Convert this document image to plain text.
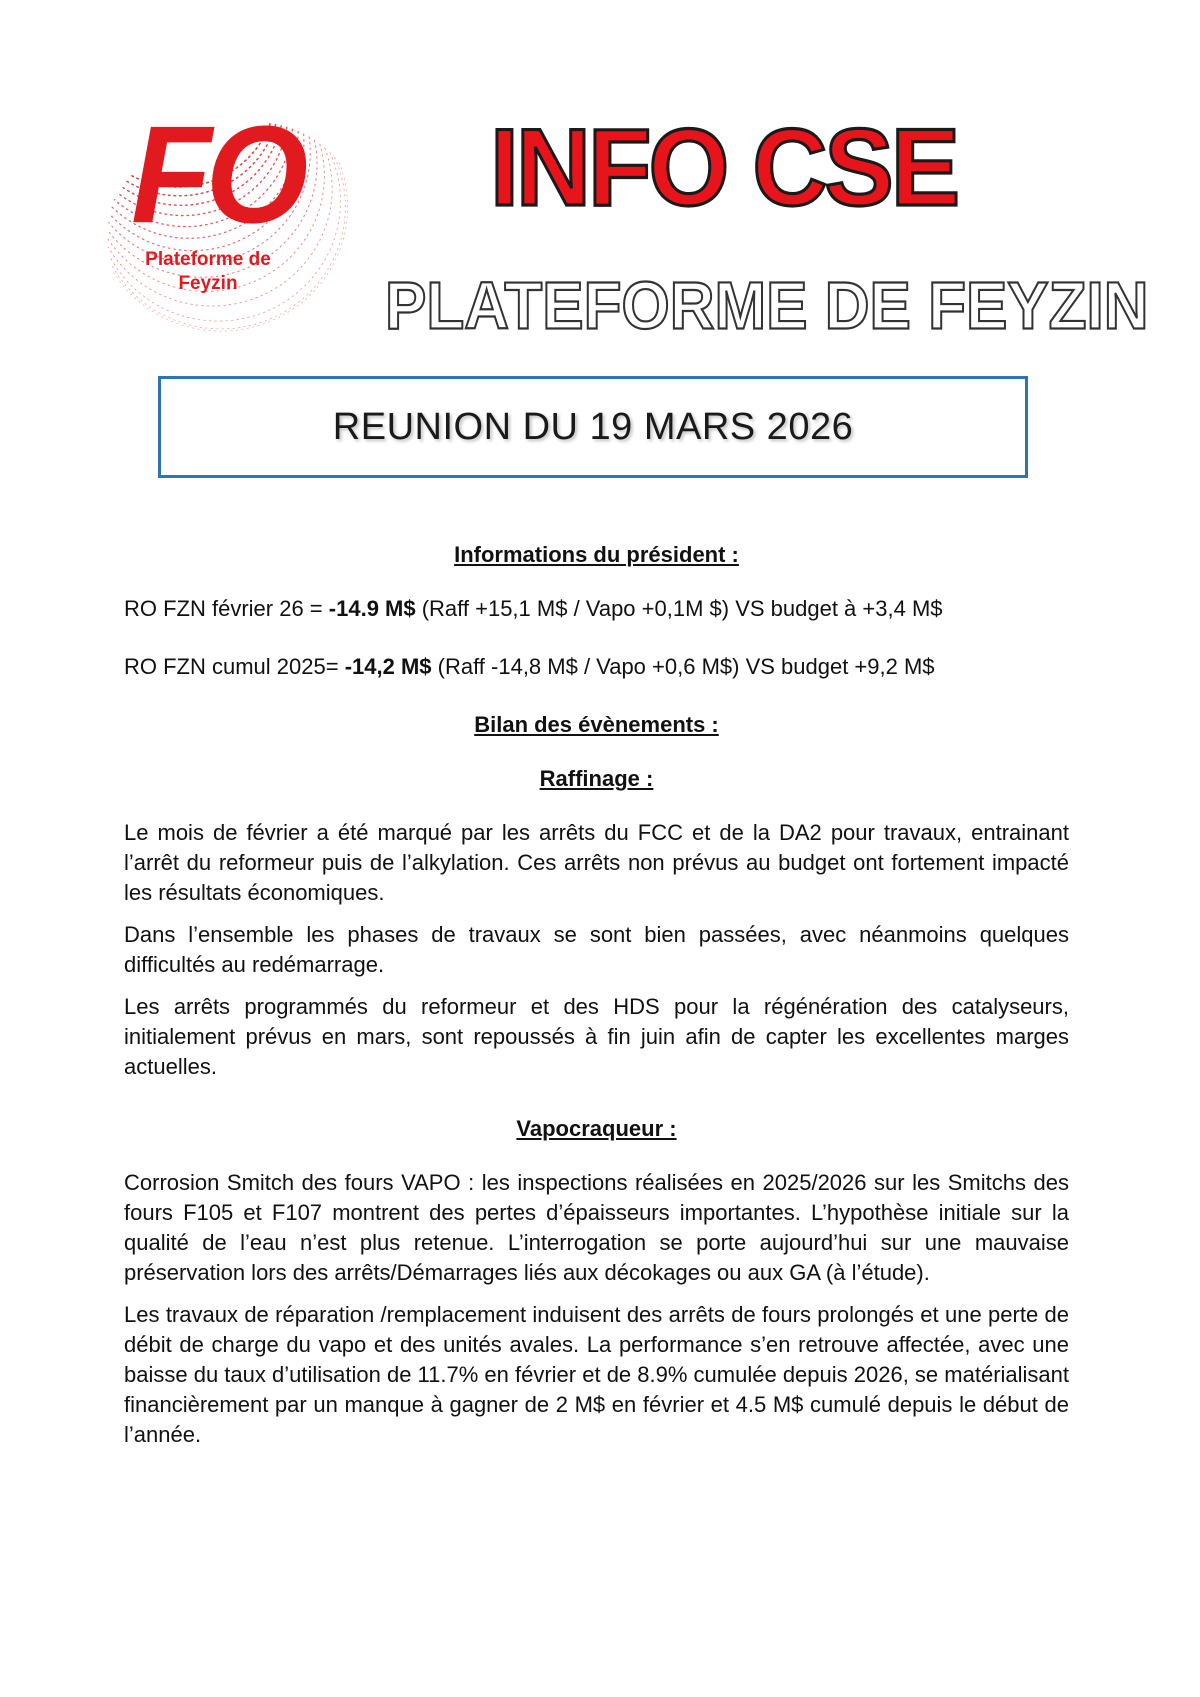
FO
Plateforme de
Feyzin
INFO CSE
PLATEFORME DE FEYZIN
REUNION DU 19 MARS 2026
Informations du président :
RO FZN février 26 = -14.9 M$ (Raff +15,1 M$ / Vapo +0,1M $) VS budget à +3,4 M$
RO FZN cumul 2025= -14,2 M$ (Raff -14,8 M$ / Vapo +0,6 M$) VS budget +9,2 M$
Bilan des évènements :
Raffinage :

Le mois de février a été marqué par les arrêts du FCC et de la DA2 pour travaux, entrainant l’arrêt du reformeur puis de l’alkylation. Ces arrêts non prévus au budget ont fortement impacté les résultats économiques.

Dans l’ensemble les phases de travaux se sont bien passées, avec néanmoins quelques difficultés au redémarrage.

Les arrêts programmés du reformeur et des HDS pour la régénération des catalyseurs, initialement prévus en mars, sont repoussés à fin juin afin de capter les excellentes marges actuelles.

Vapocraqueur :

Corrosion Smitch des fours VAPO : les inspections réalisées en 2025/2026 sur les Smitchs des fours F105 et F107 montrent des pertes d’épaisseurs importantes. L’hypothèse initiale sur la qualité de l’eau n’est plus retenue. L’interrogation se porte aujourd’hui sur une mauvaise préservation lors des arrêts/Démarrages liés aux décokages ou aux GA (à l’étude).

Les travaux de réparation /remplacement induisent des arrêts de fours prolongés et une perte de débit de charge du vapo et des unités avales. La performance s’en retrouve affectée, avec une baisse du taux d’utilisation de 11.7% en février et de 8.9% cumulée depuis 2026, se matérialisant financièrement par un manque à gagner de 2 M$ en février et 4.5 M$ cumulé depuis le début de l’année.
